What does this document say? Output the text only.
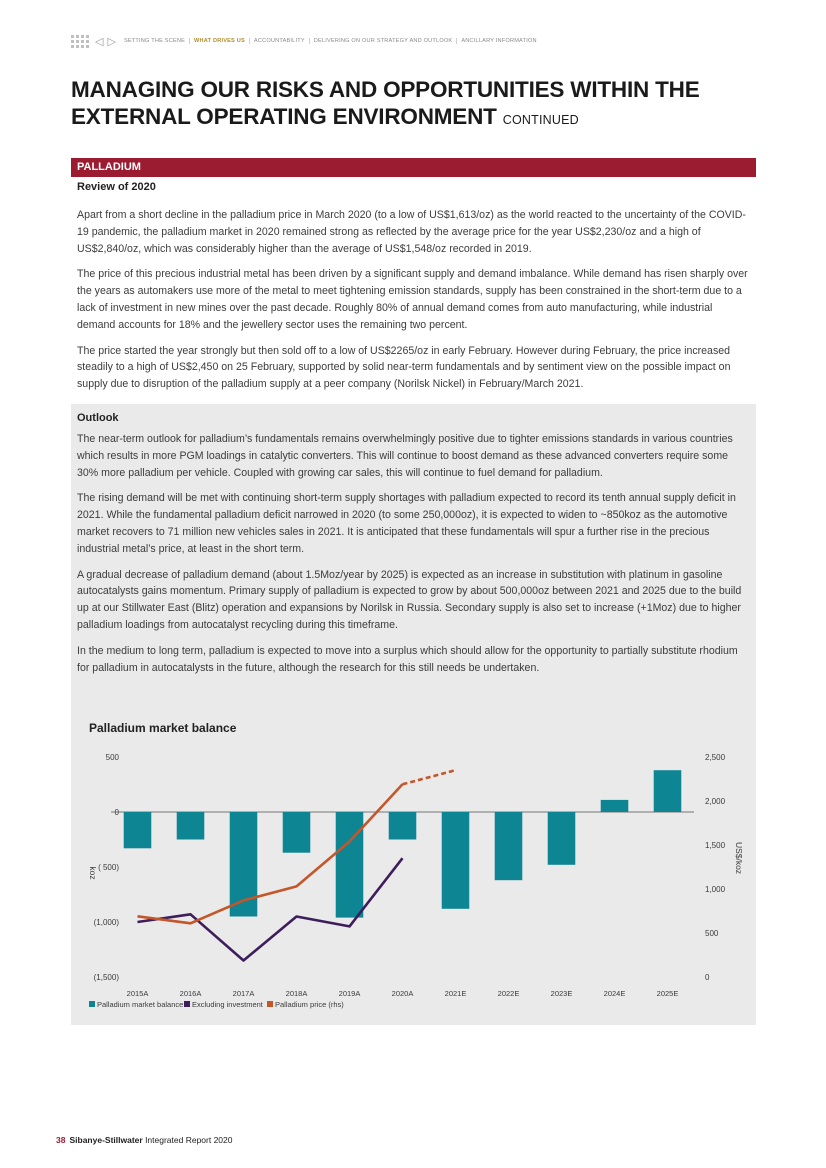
◁ ▷ SETTING THE SCENE	WHAT DRIVES US	ACCOUNTABILITY	DELIVERING ON OUR STRATEGY AND OUTLOOK	ANCILLARY INFORMATION
MANAGING OUR RISKS AND OPPORTUNITIES WITHIN THE
EXTERNAL OPERATING ENVIRONMENT CONTINUED
PALLADIUM
Review of 2020

Apart from a short decline in the palladium price in March 2020 (to a low of US$1,613/oz) as the world reacted to the uncertainty of the COVID-19 pandemic, the palladium market in 2020 remained strong as reflected by the average price for the year US$2,230/oz and a high of US$2,840/oz, which was considerably higher than the average of US$1,548/oz recorded in 2019.

The price of this precious industrial metal has been driven by a significant supply and demand imbalance. While demand has risen sharply over the years as automakers use more of the metal to meet tightening emission standards, supply has been constrained in the short-term due to a lack of investment in new mines over the past decade. Roughly 80% of annual demand comes from auto manufacturing, while industrial demand accounts for 18% and the jewellery sector uses the remaining two percent.

The price started the year strongly but then sold off to a low of US$2265/oz in early February. However during February, the price increased steadily to a high of US$2,450 on 25 February, supported by solid near-term fundamentals and by sentiment view on the possible impact on supply due to disruption of the palladium supply at a peer company (Norilsk Nickel) in February/March 2021.

Outlook

The near-term outlook for palladium’s fundamentals remains overwhelmingly positive due to tighter emissions standards in various countries which results in more PGM loadings in catalytic converters. This will continue to boost demand as these advanced converters require some 30% more palladium per vehicle. Coupled with growing car sales, this will continue to fuel demand for palladium.

The rising demand will be met with continuing short-term supply shortages with palladium expected to record its tenth annual supply deficit in 2021. While the fundamental palladium deficit narrowed in 2020 (to some 250,000oz), it is expected to widen to ~850koz as the automotive market recovers to 71 million new vehicles sales in 2021. It is anticipated that these fundamentals will spur a further rise in the precious industrial metal’s price, at least in the short term.

A gradual decrease of palladium demand (about 1.5Moz/year by 2025) is expected as an increase in substitution with platinum in gasoline autocatalysts gains momentum. Primary supply of palladium is expected to grow by about 500,000oz between 2021 and 2025 due to the build up at our Stillwater East (Blitz) operation and expansions by Norilsk in Russia. Secondary supply is also set to increase (+1Moz) due to higher palladium loadings from autocatalyst recycling during this timeframe.

In the medium to long term, palladium is expected to move into a surplus which should allow for the opportunity to partially substitute rhodium for palladium in autocatalysts in the future, although the research for this still needs be undertaken.

Palladium market balance
500
0
( 500)
(1,000)
(1,500)
2,500
2,000
1,500
1,000
500
0
koz	US$/koz
2015A	2016A	2017A	2018A	2019A	2020A	2021E	2022E	2023E	2024E	2025E
Palladium market balance Excluding investment Palladium price (rhs)
38 Sibanye-Stillwater Integrated Report 2020
